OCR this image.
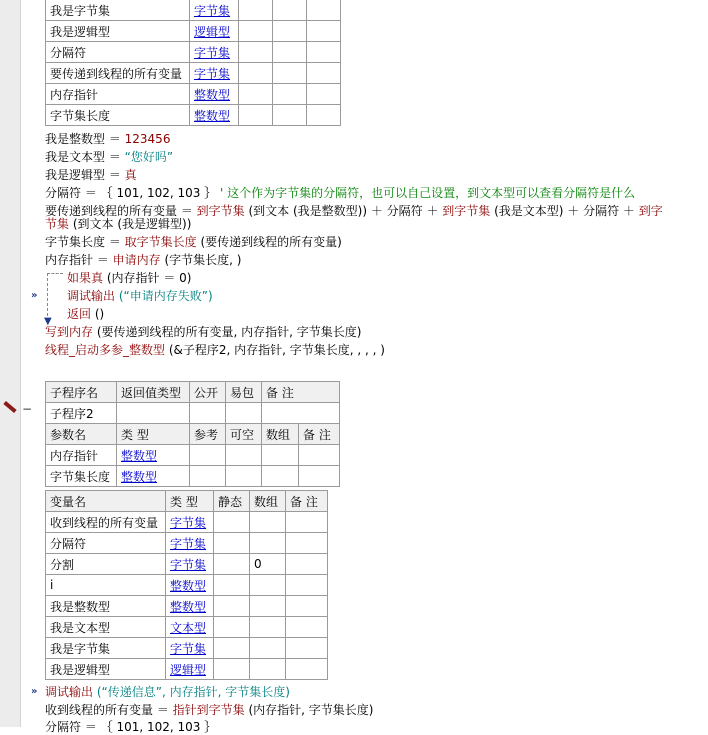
我是字节集	字节集			
我是逻辑型	逻辑型			
分隔符	字节集			
要传递到线程的所有变量	字节集			
内存指针	整数型			
字节集长度	整数型			
我是整数型 ＝ 123456
我是文本型 ＝ “您好吗”
我是逻辑型 ＝ 真
分隔符 ＝ ｛ 101, 102, 103 ｝ ' 这个作为字节集的分隔符，也可以自己设置，到文本型可以查看分隔符是什么
要传递到线程的所有变量 ＝ 到字节集 (到文本 (我是整数型)) ＋ 分隔符 ＋ 到字节集 (我是文本型) ＋ 分隔符 ＋ 到字
节集 (到文本 (我是逻辑型))
字节集长度 ＝ 取字节集长度 (要传递到线程的所有变量)
内存指针 ＝ 申请内存 (字节集长度, )
▼
如果真 (内存指针 ＝ 0)
» 调试输出 (“申请内存失败”)
返回 ()
写到内存 (要传递到线程的所有变量, 内存指针, 字节集长度)
线程_启动多参_整数型 (&子程序2, 内存指针, 字节集长度, , , , )
−
子程序名	返回值类型	公开	易包	备 注	
子程序2					
参数名	类 型	参考	可空	数组	备 注
内存指针	整数型				
字节集长度	整数型				
变量名	类 型	静态	数组	备 注
收到线程的所有变量	字节集			
分隔符	字节集			
分割	字节集		0	
i	整数型			
我是整数型	整数型			
我是文本型	文本型			
我是字节集	字节集			
我是逻辑型	逻辑型			
» 调试输出 (“传递信息”, 内存指针, 字节集长度)
收到线程的所有变量 ＝ 指针到字节集 (内存指针, 字节集长度)
分隔符 ＝ ｛ 101, 102, 103 ｝
